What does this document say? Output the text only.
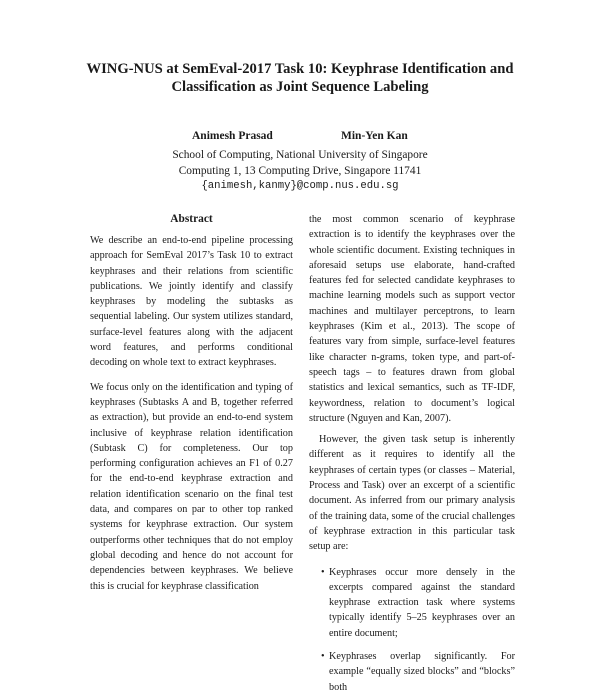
WING-NUS at SemEval-2017 Task 10: Keyphrase Identification and
Classification as Joint Sequence Labeling
Animesh Prasad	Min-Yen Kan
School of Computing, National University of Singapore
Computing 1, 13 Computing Drive, Singapore 11741
{animesh,kanmy}@comp.nus.edu.sg
Abstract

We describe an end-to-end pipeline processing approach for SemEval 2017’s Task 10 to extract keyphrases and their relations from scientific publications. We jointly identify and classify keyphrases by modeling the subtasks as sequential labeling. Our system utilizes standard, surface-level features along with the adjacent word features, and performs conditional decoding on whole text to extract keyphrases.

We focus only on the identification and typing of keyphrases (Subtasks A and B, together referred as extraction), but provide an end-to-end system inclusive of keyphrase relation identification (Subtask C) for completeness. Our top performing configuration achieves an F1 of 0.27 for the end-to-end keyphrase extraction and relation identification scenario on the final test data, and compares on par to other top ranked systems for keyphrase extraction. Our system outperforms other techniques that do not employ global decoding and hence do not account for dependencies between keyphrases. We believe this is crucial for keyphrase classification

the most common scenario of keyphrase extraction is to identify the keyphrases over the whole scientific document. Existing techniques in aforesaid setups use elaborate, hand-crafted features fed for selected candidate keyphrases to machine learning models such as support vector machines and multilayer perceptrons, to learn keyphrases (Kim et al., 2013). The scope of features vary from simple, surface-level features like character n-grams, token type, and part-of-speech tags – to features drawn from global statistics and lexical semantics, such as TF-IDF, keywordness, relation to document’s logical structure (Nguyen and Kan, 2007).

However, the given task setup is inherently different as it requires to identify all the keyphrases of certain types (or classes – Material, Process and Task) over an excerpt of a scientific document. As inferred from our primary analysis of the training data, some of the crucial challenges of keyphrase extraction in this particular task setup are:

• Keyphrases occur more densely in the excerpts compared against the standard keyphrase extraction task where systems typically identify 5–25 keyphrases over an entire document;
• Keyphrases overlap significantly. For example “equally sized blocks” and “blocks” both
